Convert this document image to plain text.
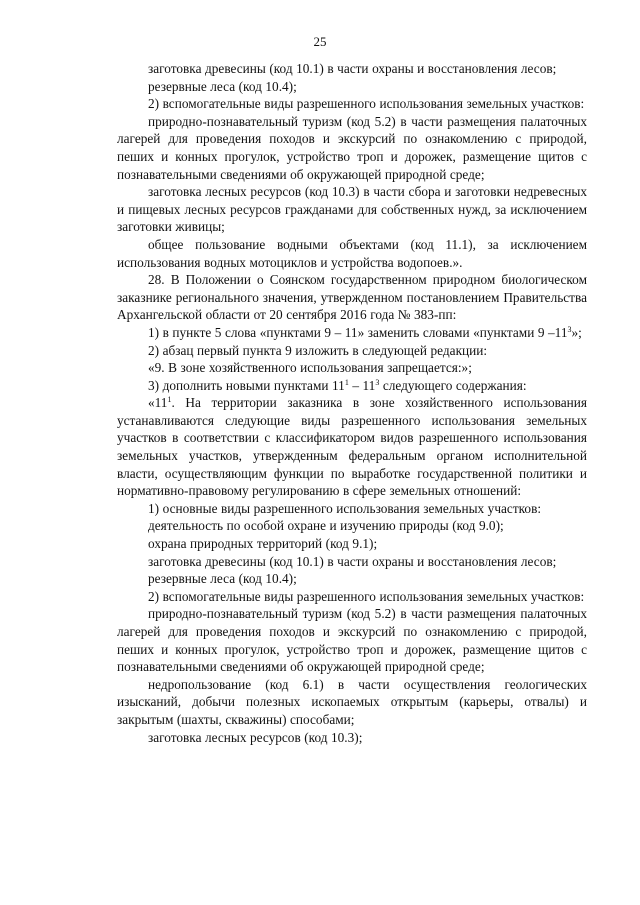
25

заготовка древесины (код 10.1) в части охраны и восстановления лесов;

резервные леса (код 10.4);

2) вспомогательные виды разрешенного использования земельных участков:

природно-познавательный туризм (код 5.2) в части размещения палаточных лагерей для проведения походов и экскурсий по ознакомлению с природой, пеших и конных прогулок, устройство троп и дорожек, размещение щитов с познавательными сведениями об окружающей природной среде;

заготовка лесных ресурсов (код 10.3) в части сбора и заготовки недревесных и пищевых лесных ресурсов гражданами для собственных нужд, за исключением заготовки живицы;

общее пользование водными объектами (код 11.1), за исключением использования водных мотоциклов и устройства водопоев.».

28. В Положении о Соянском государственном природном биологическом заказнике регионального значения, утвержденном постановлением Правительства Архангельской области от 20 сентября 2016 года № 383-пп:

1) в пункте 5 слова «пунктами 9 – 11» заменить словами «пунктами 9 $-11^3$»;

2) абзац первый пункта 9 изложить в следующей редакции:

«9. В зоне хозяйственного использования запрещается:»;

3) дополнить новыми пунктами $11^1 - 11^3$ следующего содержания:

«$11^1$. На территории заказника в зоне хозяйственного использования устанавливаются следующие виды разрешенного использования земельных участков в соответствии с классификатором видов разрешенного использования земельных участков, утвержденным федеральным органом исполнительной власти, осуществляющим функции по выработке государственной политики и нормативно-правовому регулированию в сфере земельных отношений:

1) основные виды разрешенного использования земельных участков:

деятельность по особой охране и изучению природы (код 9.0);

охрана природных территорий (код 9.1);

заготовка древесины (код 10.1) в части охраны и восстановления лесов;

резервные леса (код 10.4);

2) вспомогательные виды разрешенного использования земельных участков:

природно-познавательный туризм (код 5.2) в части размещения палаточных лагерей для проведения походов и экскурсий по ознакомлению с природой, пеших и конных прогулок, устройство троп и дорожек, размещение щитов с познавательными сведениями об окружающей природной среде;

недропользование (код 6.1) в части осуществления геологических изысканий, добычи полезных ископаемых открытым (карьеры, отвалы) и закрытым (шахты, скважины) способами;

заготовка лесных ресурсов (код 10.3);
